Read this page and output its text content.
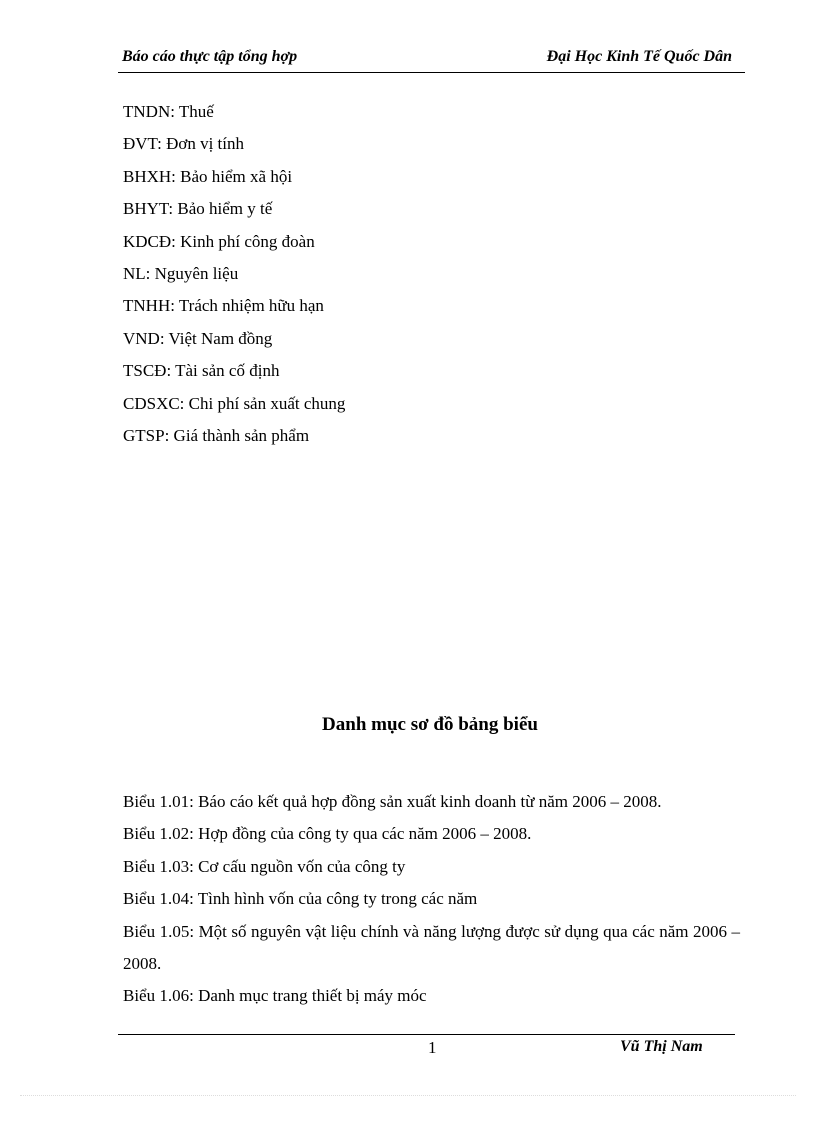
Báo cáo thực tập tổng hợp	Đại Học Kinh Tế Quốc Dân
TNDN: Thuế
ĐVT: Đơn vị tính
BHXH: Bảo hiểm xã hội
BHYT: Bảo hiểm y tế
KDCĐ: Kinh phí công đoàn
NL: Nguyên liệu
TNHH: Trách nhiệm hữu hạn
VND: Việt Nam đồng
TSCĐ: Tài sản cố định
CDSXC: Chi phí sản xuất chung
GTSP: Giá thành sản phẩm
Danh mục sơ đồ bảng biểu
Biểu 1.01: Báo cáo kết quả hợp đồng sản xuất kinh doanh từ năm 2006 – 2008.
Biểu 1.02: Hợp đồng của công ty qua các năm 2006 – 2008.
Biểu 1.03: Cơ cấu nguồn vốn của công ty
Biểu 1.04: Tình hình vốn của công ty trong các năm
Biểu 1.05: Một số nguyên vật liệu chính và năng lượng được sử dụng qua các năm 2006 – 2008.
Biểu 1.06: Danh mục trang thiết bị máy móc
1	Vũ Thị Nam
